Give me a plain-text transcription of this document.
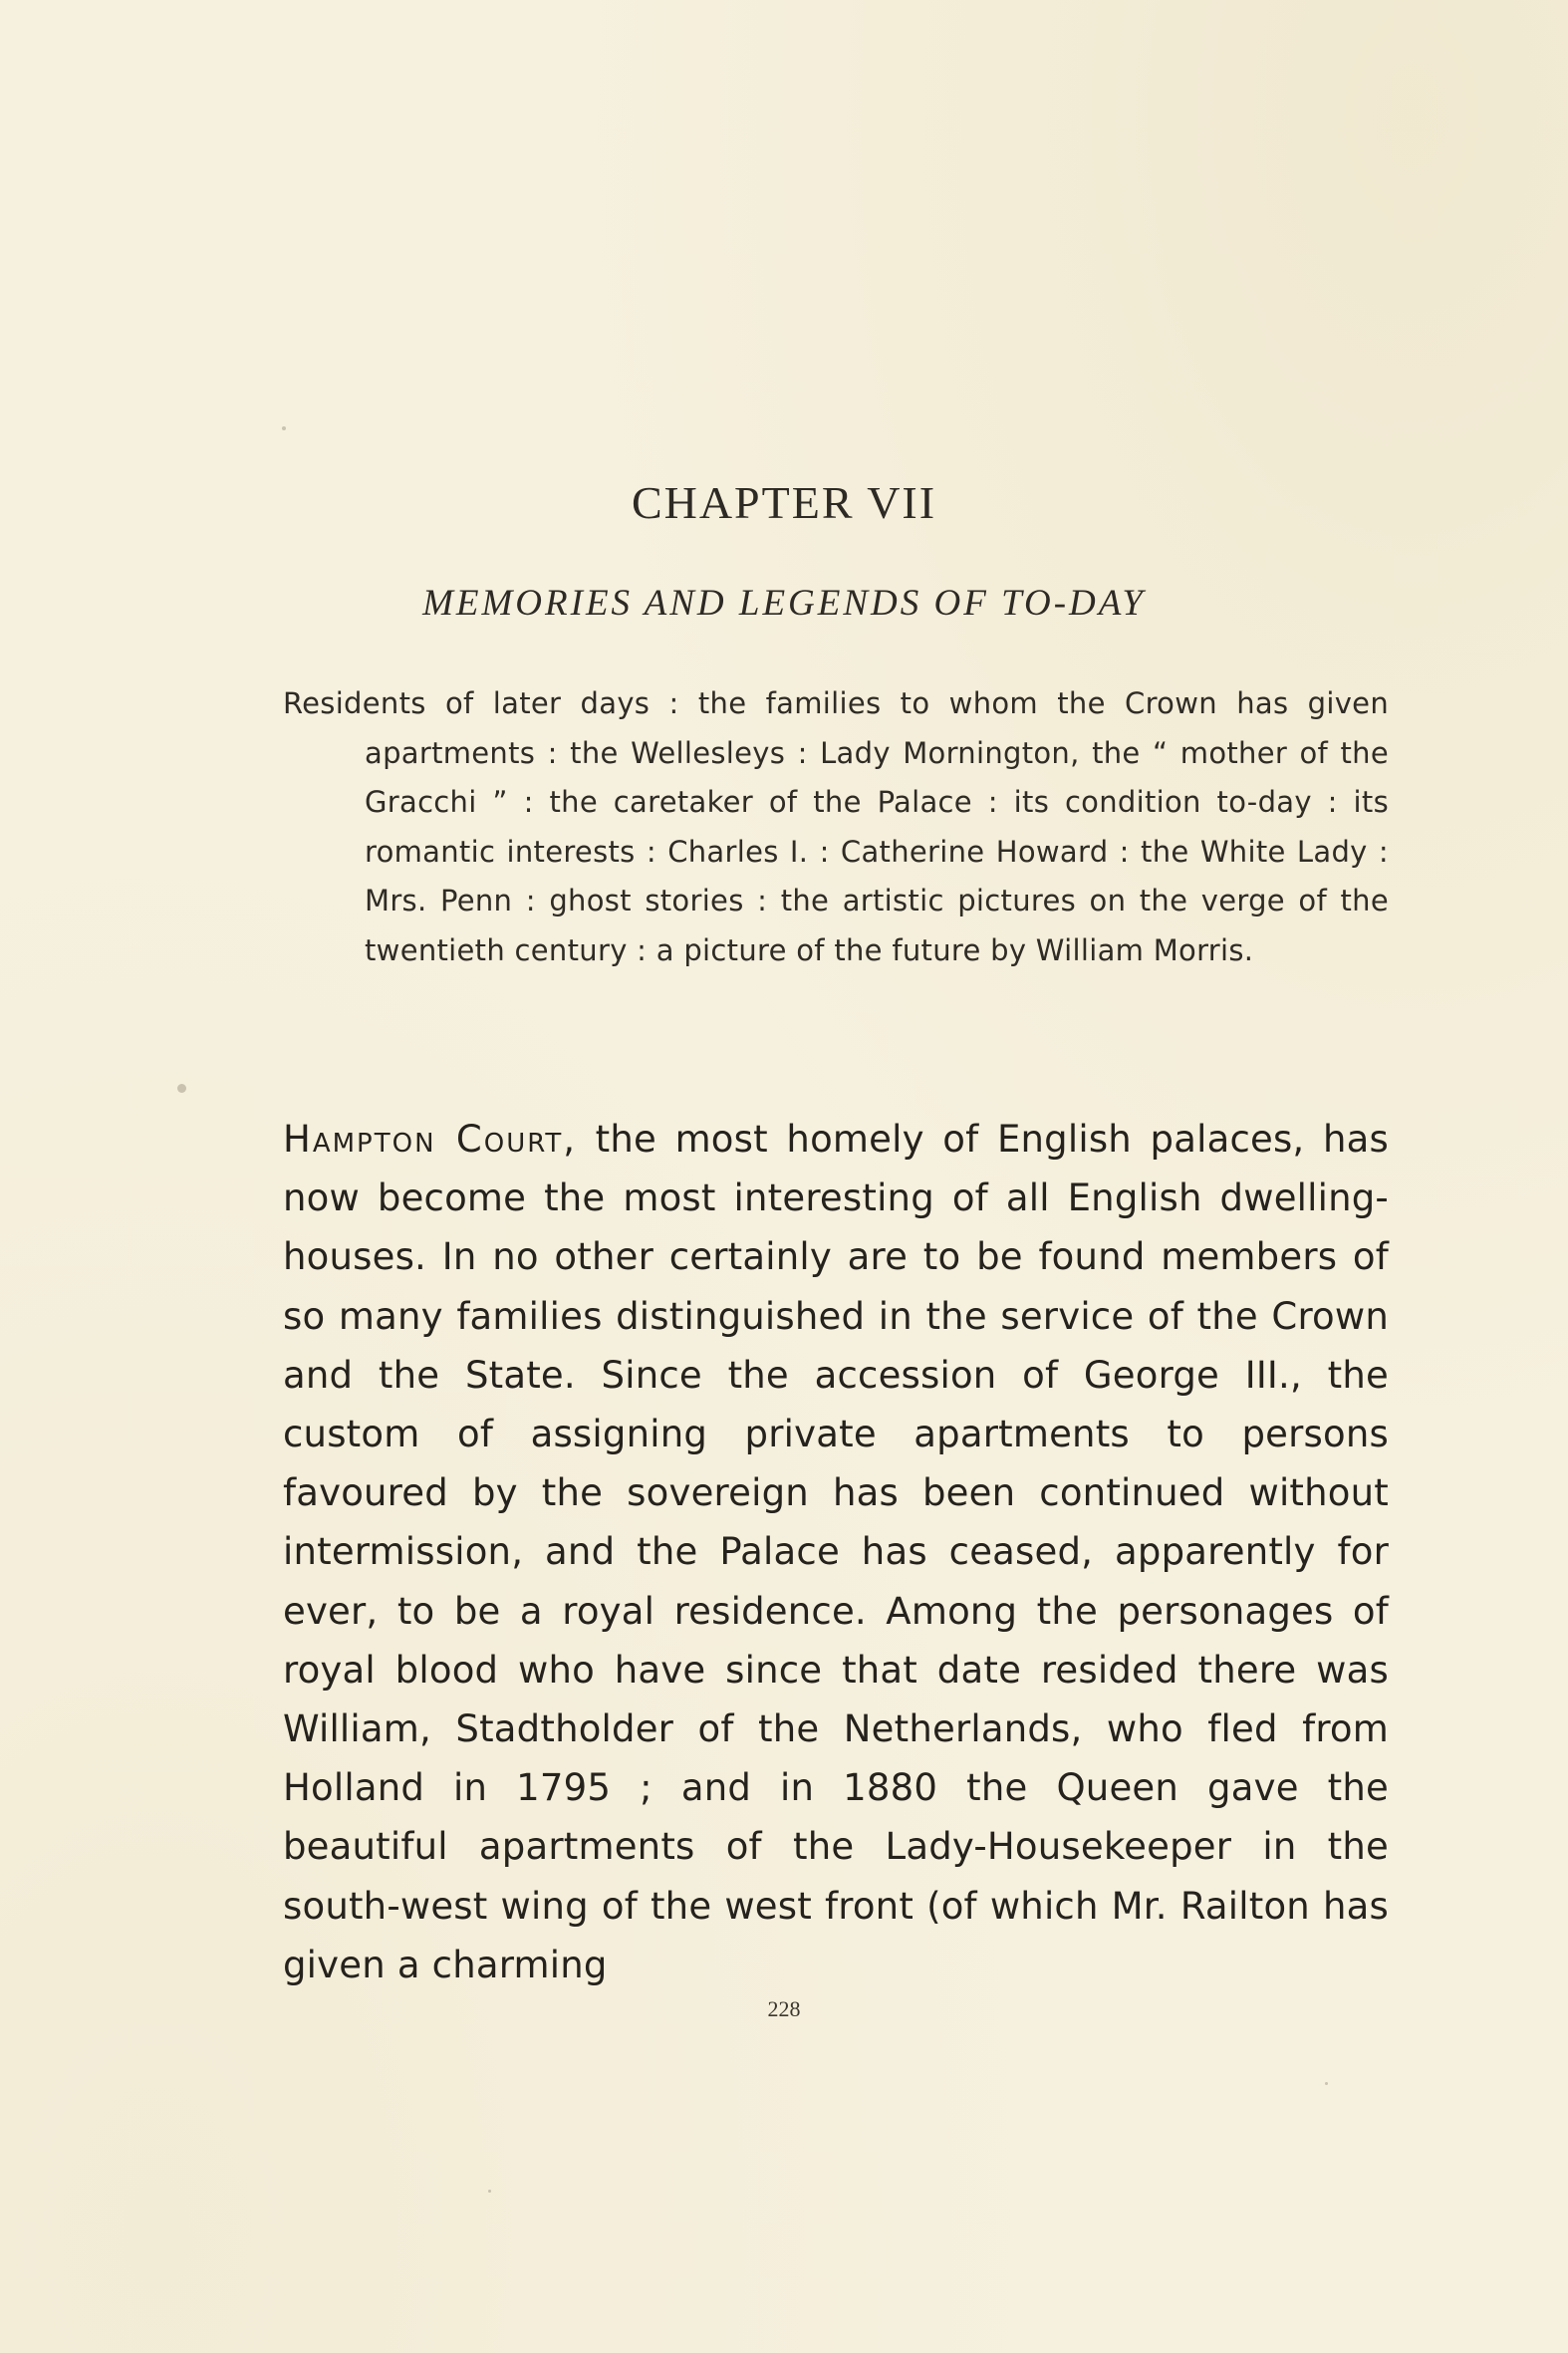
CHAPTER VII
MEMORIES AND LEGENDS OF TO-DAY

Residents of later days : the families to whom the Crown has given apartments : the Wellesleys : Lady Mornington, the “ mother of the Gracchi ” : the caretaker of the Palace : its condition to-day : its romantic interests : Charles I. : Catherine Howard : the White Lady : Mrs. Penn : ghost stories : the artistic pictures on the verge of the twentieth century : a picture of the future by William Morris.

Hampton Court, the most homely of English palaces, has now become the most interesting of all English dwelling-houses. In no other certainly are to be found members of so many families distinguished in the service of the Crown and the State. Since the accession of George III., the custom of assigning private apartments to persons favoured by the sovereign has been continued without intermission, and the Palace has ceased, apparently for ever, to be a royal residence. Among the personages of royal blood who have since that date resided there was William, Stadtholder of the Netherlands, who fled from Holland in 1795 ; and in 1880 the Queen gave the beautiful apartments of the Lady-Housekeeper in the south-west wing of the west front (of which Mr. Railton has given a charming

228
